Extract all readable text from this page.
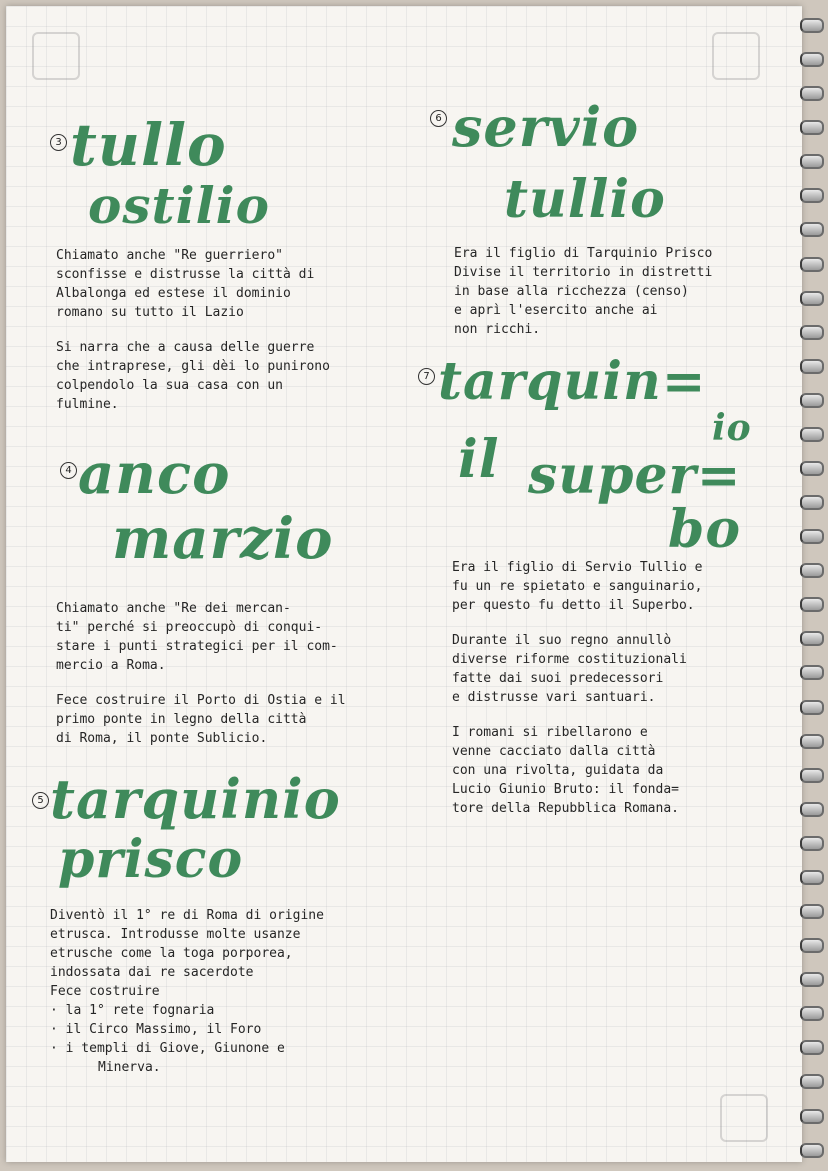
3 tullo
ostilio

Chiamato anche "Re guerriero"

sconfisse e distrusse la città di

Albalonga ed estese il dominio

romano su tutto il Lazio

Si narra che a causa delle guerre

che intraprese, gli dèi lo punirono

colpendolo la sua casa con un

fulmine.

4 anco
marzio

Chiamato anche "Re dei mercan-

ti" perché si preoccupò di conqui-

stare i punti strategici per il com-

mercio a Roma.

Fece costruire il Porto di Ostia e il

primo ponte in legno della città

di Roma, il ponte Sublicio.

5 tarquinio
prisco

Diventò il 1° re di Roma di origine

etrusca. Introdusse molte usanze

etrusche come la toga porporea,

indossata dai re sacerdote

Fece costruire

· la 1° rete fognaria

· il Circo Massimo, il Foro

· i templi di Giove, Giunone e

Minerva.

6 servio
tullio

Era il figlio di Tarquinio Prisco

Divise il territorio in distretti

in base alla ricchezza (censo)

e aprì l'esercito anche ai

non ricchi.

7 tarquin=
io
il super=
bo

Era il figlio di Servio Tullio e

fu un re spietato e sanguinario,

per questo fu detto il Superbo.

Durante il suo regno annullò

diverse riforme costituzionali

fatte dai suoi predecessori

e distrusse vari santuari.

I romani si ribellarono e

venne cacciato dalla città

con una rivolta, guidata da

Lucio Giunio Bruto: il fonda=

tore della Repubblica Romana.
